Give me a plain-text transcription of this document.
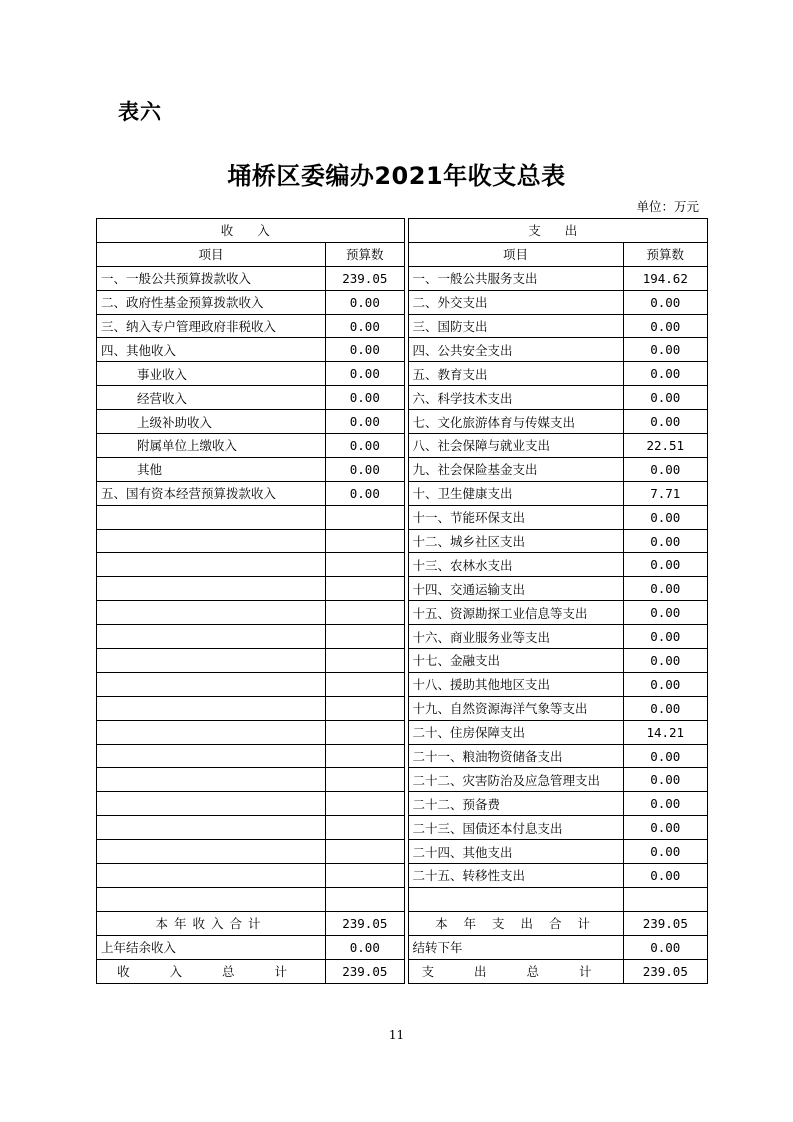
表六
埇桥区委编办2021年收支总表
单位：万元
收 入			支 出	
项目	预算数		项目	预算数
一、一般公共预算拨款收入	239.05		一、一般公共服务支出	194.62
二、政府性基金预算拨款收入	0.00		二、外交支出	0.00
三、纳入专户管理政府非税收入	0.00		三、国防支出	0.00
四、其他收入	0.00		四、公共安全支出	0.00
事业收入	0.00		五、教育支出	0.00
经营收入	0.00		六、科学技术支出	0.00
上级补助收入	0.00		七、文化旅游体育与传媒支出	0.00
附属单位上缴收入	0.00		八、社会保障与就业支出	22.51
其他	0.00		九、社会保险基金支出	0.00
五、国有资本经营预算拨款收入	0.00		十、卫生健康支出	7.71
			十一、节能环保支出	0.00
			十二、城乡社区支出	0.00
			十三、农林水支出	0.00
			十四、交通运输支出	0.00
			十五、资源勘探工业信息等支出	0.00
			十六、商业服务业等支出	0.00
			十七、金融支出	0.00
			十八、援助其他地区支出	0.00
			十九、自然资源海洋气象等支出	0.00
			二十、住房保障支出	14.21
			二十一、粮油物资储备支出	0.00
			二十二、灾害防治及应急管理支出	0.00
			二十二、预备费	0.00
			二十三、国债还本付息支出	0.00
			二十四、其他支出	0.00
			二十五、转移性支出	0.00

本年收入合计	239.05		本 年 支 出 合 计	239.05
上年结余收入	0.00		结转下年	0.00
收 入 总 计	239.05		支 出 总 计	239.05
11
